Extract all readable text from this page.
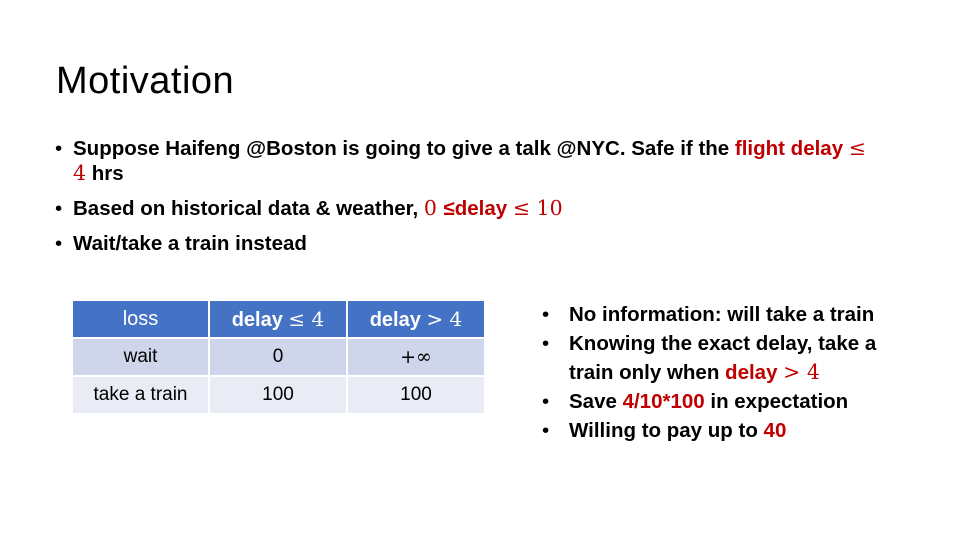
Motivation
• Suppose Haifeng @Boston is going to give a talk @NYC. Safe if the flight delay ≤ 4 hrs
• Based on historical data & weather, 0 ≤delay ≤ 10
• Wait/take a train instead
loss	delay ≤ 4	delay > 4
wait	0	+∞
take a train	100	100
• No information: will take a train
• Knowing the exact delay, take a train only when delay > 4
• Save 4/10*100 in expectation
• Willing to pay up to 40
